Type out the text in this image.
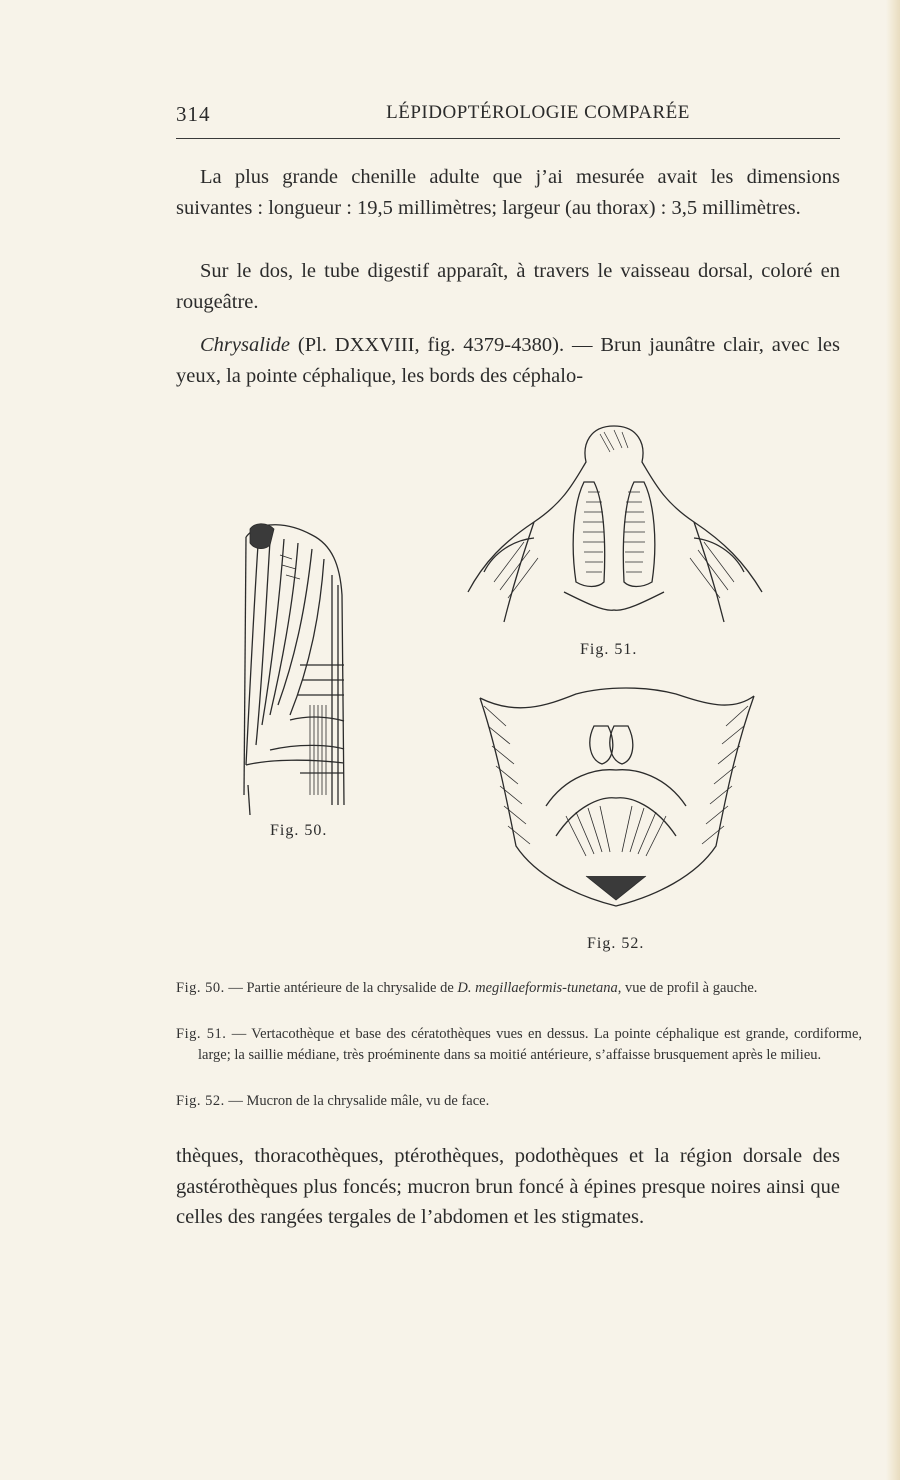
314	LÉPIDOPTÉROLOGIE COMPARÉE

La plus grande chenille adulte que j’ai mesurée avait les dimensions suivantes : longueur : 19,5 millimètres; largeur (au thorax) : 3,5 millimètres.

Sur le dos, le tube digestif apparaît, à travers le vaisseau dorsal, coloré en rougeâtre.

Chrysalide (Pl. DXXVIII, fig. 4379-4380). — Brun jaunâtre clair, avec les yeux, la pointe céphalique, les bords des céphalo-

Fig. 50.
Fig. 51.
Fig. 52.

Fig. 50. — Partie antérieure de la chrysalide de D. megillaeformis-tunetana, vue de profil à gauche.

Fig. 51. — Vertacothèque et base des cératothèques vues en dessus. La pointe céphalique est grande, cordiforme, large; la saillie médiane, très proéminente dans sa moitié antérieure, s’affaisse brusquement après le milieu.

Fig. 52. — Mucron de la chrysalide mâle, vu de face.

thèques, thoracothèques, ptérothèques, podothèques et la région dorsale des gastérothèques plus foncés; mucron brun foncé à épines presque noires ainsi que celles des rangées tergales de l’abdomen et les stigmates.
